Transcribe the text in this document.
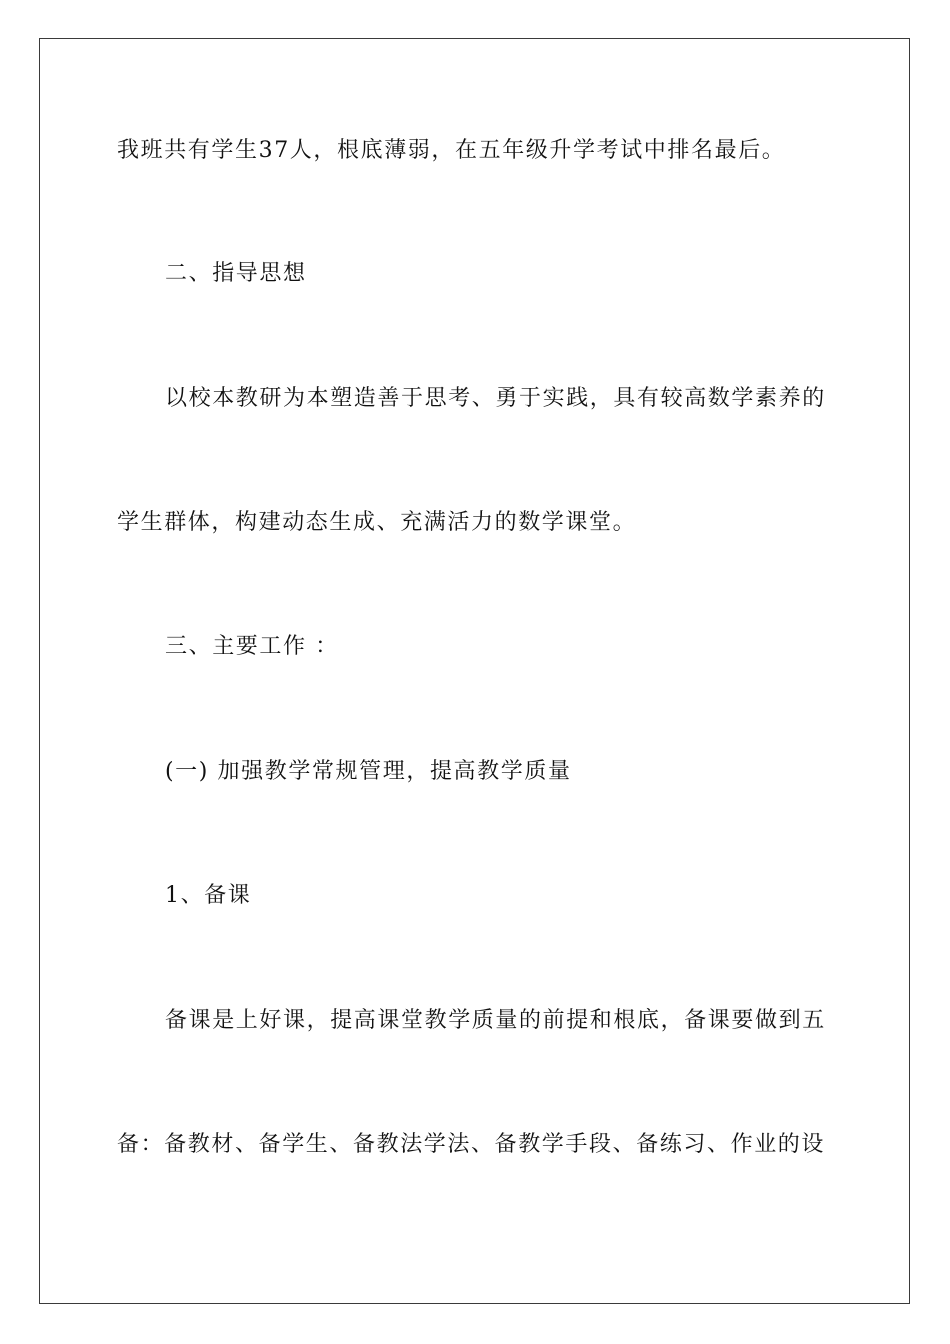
我班共有学生37人，根底薄弱，在五年级升学考试中排名最后。
二、指导思想
以校本教研为本塑造善于思考、勇于实践，具有较高数学素养的
学生群体，构建动态生成、充满活力的数学课堂。
三、主要工作 ：
(一) 加强教学常规管理，提高教学质量
1、备课
备课是上好课，提高课堂教学质量的前提和根底，备课要做到五
备：备教材、备学生、备教法学法、备教学手段、备练习、作业的设
